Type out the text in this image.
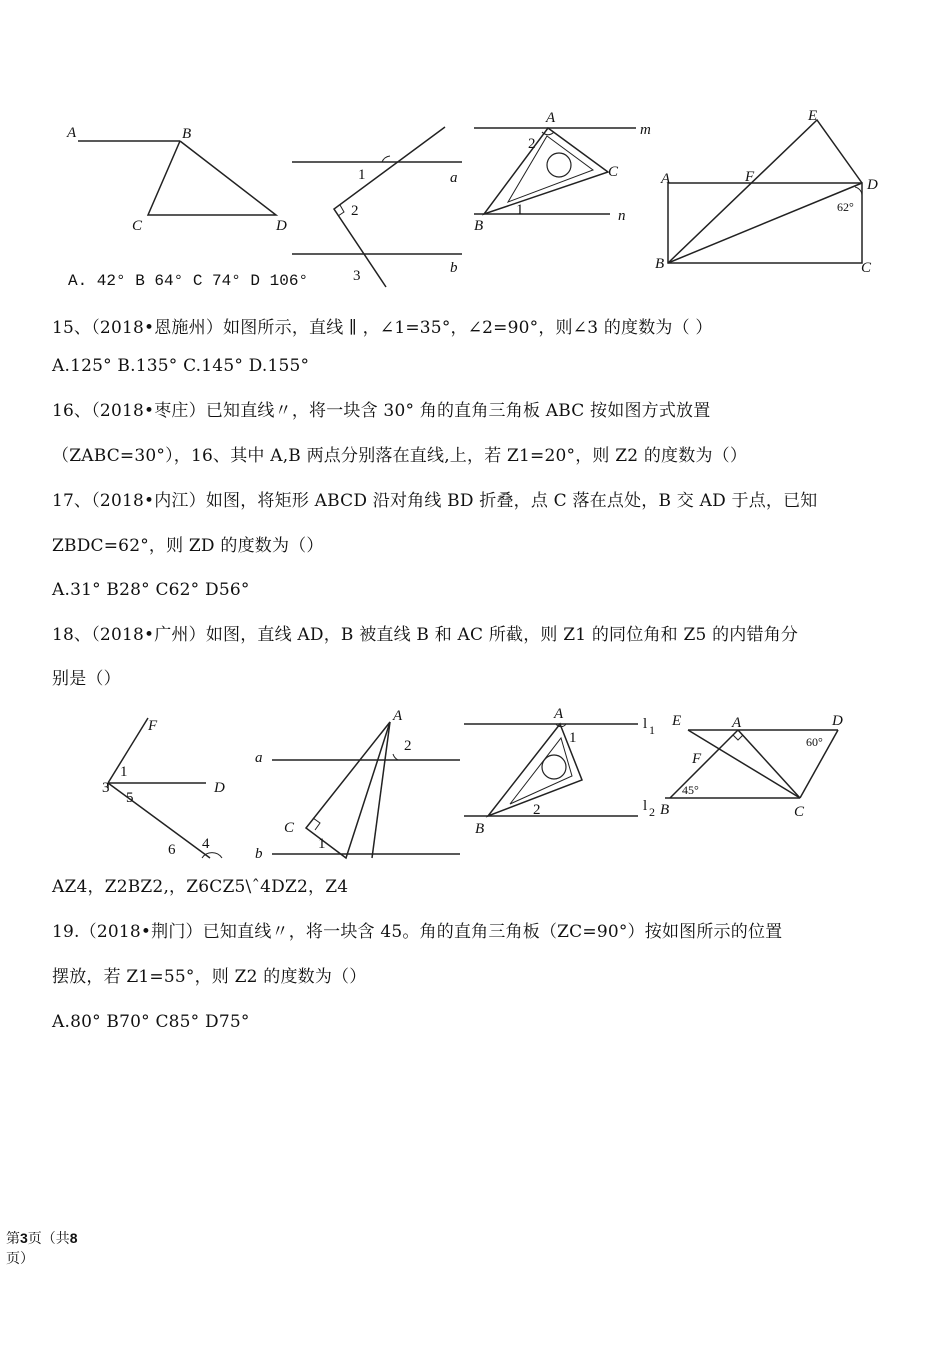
A	B
C	D
1
2
3
a
b
A
2
C
m
1
B
n
A	F
E
D
62°
B	C
A. 42° B 64° C 74° D 106°
15、（2018•恩施州）如图所示，直线 ∥ ，∠1=35°，∠2=90°，则∠3 的度数为（ ）
A.125° B.135° C.145° D.155°
16、（2018•枣庄）已知直线〃，将一块含 30° 角的直角三角板 ABC 按如图方式放置
（ZABC=30°），16、其中 A,B 两点分别落在直线,上，若 Z1=20°，则 Z2 的度数为（）
17、（2018•内江）如图，将矩形 ABCD 沿对角线 BD 折叠，点 C 落在点处，B 交 AD 于点，已知
ZBDC=62°，则 ZD 的度数为（）
A.31° B28° C62° D56°
18、（2018•广州）如图，直线 AD，B 被直线 B 和 AC 所截，则 Z1 的同位角和 Z5 的内错角分
别是（）
F
1
3
5
D
6 4
A
2
a
C
1
b
A
1
l 1
l 2
2
B
E	A	D
60°
F
45°
B	C
AZ4，Z2BZ2,，Z6CZ5\ˆ4DZ2，Z4
19.（2018•荆门）已知直线〃，将一块含 45。角的直角三角板（ZC=90°）按如图所示的位置
摆放，若 Z1=55°，则 Z2 的度数为（）
A.80° B70° C85° D75°
第3页（共8
页）
